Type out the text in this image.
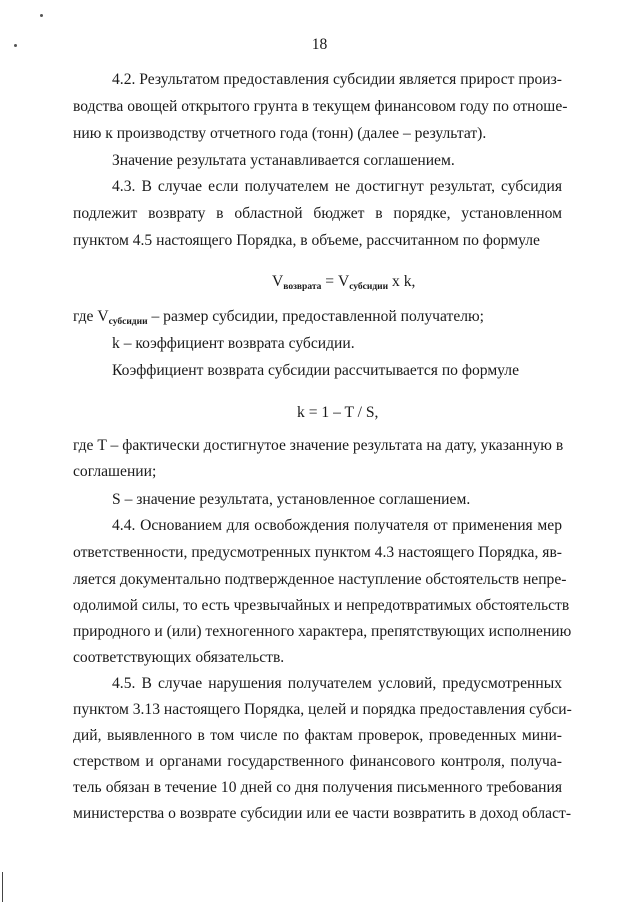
18
4.2. Результатом предоставления субсидии является прирост произ-
водства овощей открытого грунта в текущем финансовом году по отноше-
нию к производству отчетного года (тонн) (далее – результат).
Значение результата устанавливается соглашением.
4.3. В случае если получателем не достигнут результат, субсидия
подлежит возврату в областной бюджет в порядке, установленном
пунктом 4.5 настоящего Порядка, в объеме, рассчитанном по формуле
$V_{возврата} = V_{субсидии}$ x k,
где $V_{субсидии}$ – размер субсидии, предоставленной получателю;
k – коэффициент возврата субсидии.
Коэффициент возврата субсидии рассчитывается по формуле
k = 1 – T / S,
где T – фактически достигнутое значение результата на дату, указанную в
соглашении;
S – значение результата, установленное соглашением.
4.4. Основанием для освобождения получателя от применения мер
ответственности, предусмотренных пунктом 4.3 настоящего Порядка, яв-
ляется документально подтвержденное наступление обстоятельств непре-
одолимой силы, то есть чрезвычайных и непредотвратимых обстоятельств
природного и (или) техногенного характера, препятствующих исполнению
соответствующих обязательств.
4.5. В случае нарушения получателем условий, предусмотренных
пунктом 3.13 настоящего Порядка, целей и порядка предоставления субси-
дий, выявленного в том числе по фактам проверок, проведенных мини-
стерством и органами государственного финансового контроля, получа-
тель обязан в течение 10 дней со дня получения письменного требования
министерства о возврате субсидии или ее части возвратить в доход област-
